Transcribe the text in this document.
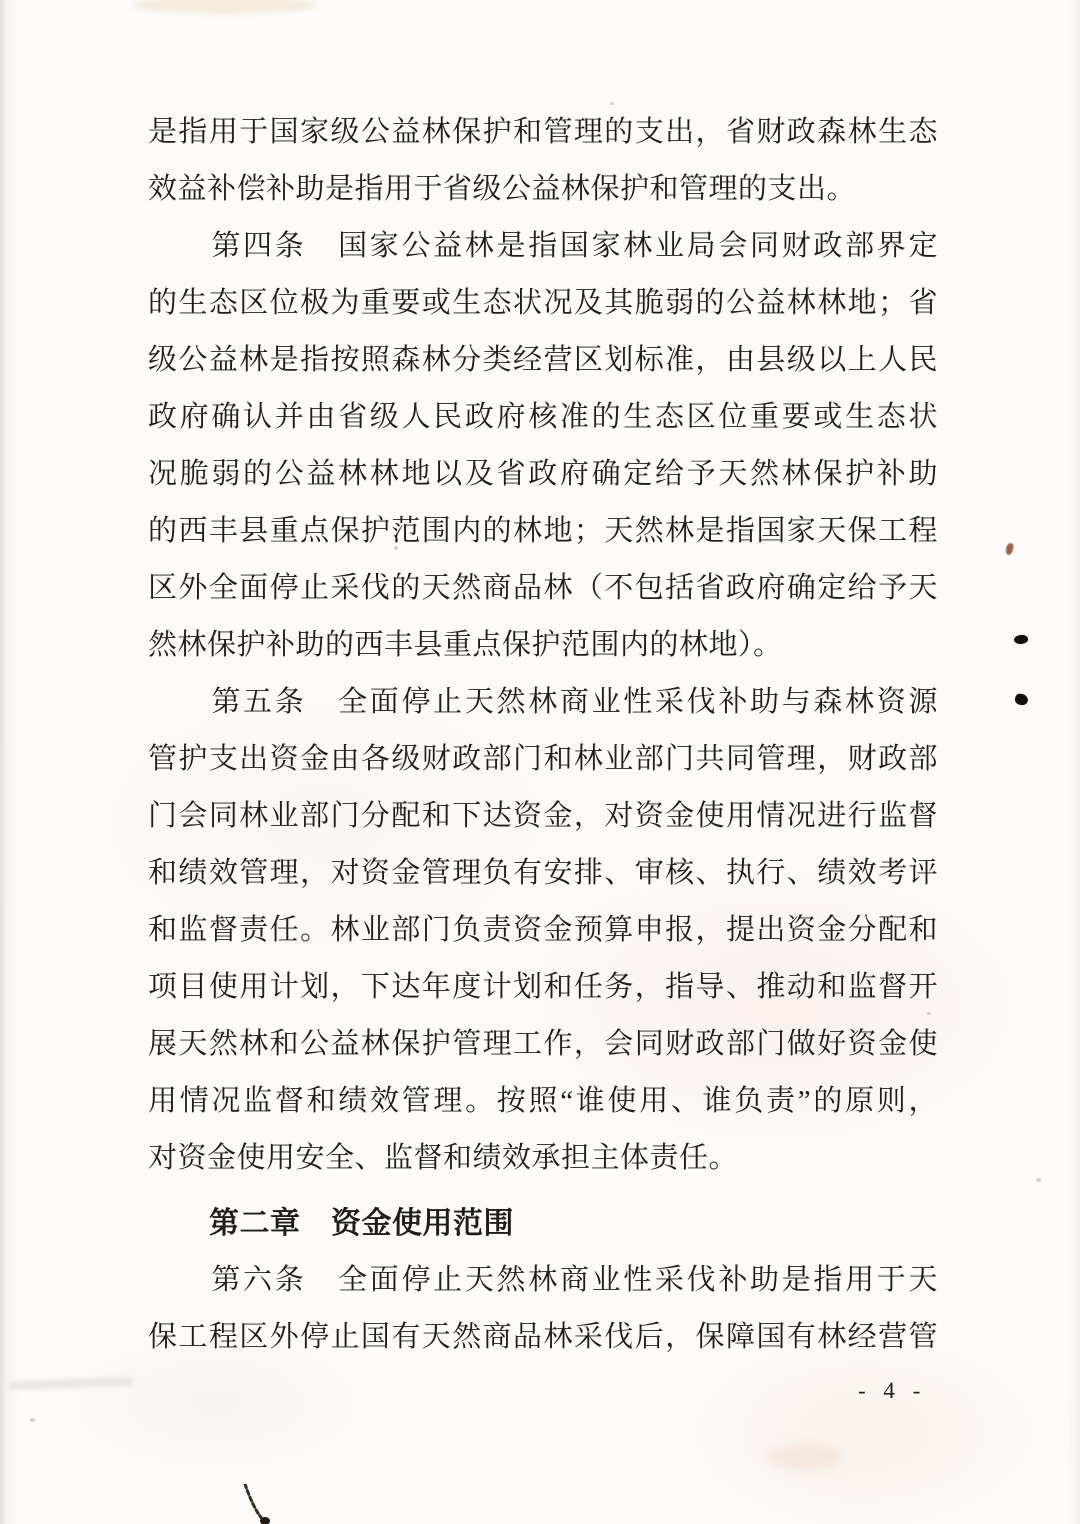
是指用于国家级公益林保护和管理的支出，省财政森林生态
效益补偿补助是指用于省级公益林保护和管理的支出。
　　第四条　国家公益林是指国家林业局会同财政部界定
的生态区位极为重要或生态状况及其脆弱的公益林林地；省
级公益林是指按照森林分类经营区划标准，由县级以上人民
政府确认并由省级人民政府核准的生态区位重要或生态状
况脆弱的公益林林地以及省政府确定给予天然林保护补助
的西丰县重点保护范围内的林地；天然林是指国家天保工程
区外全面停止采伐的天然商品林（不包括省政府确定给予天
然林保护补助的西丰县重点保护范围内的林地）。
　　第五条　全面停止天然林商业性采伐补助与森林资源
管护支出资金由各级财政部门和林业部门共同管理，财政部
门会同林业部门分配和下达资金，对资金使用情况进行监督
和绩效管理，对资金管理负有安排、审核、执行、绩效考评
和监督责任。林业部门负责资金预算申报，提出资金分配和
项目使用计划，下达年度计划和任务，指导、推动和监督开
展天然林和公益林保护管理工作，会同财政部门做好资金使
用情况监督和绩效管理。按照“谁使用、谁负责”的原则，
对资金使用安全、监督和绩效承担主体责任。
　　第二章　资金使用范围
　　第六条　全面停止天然林商业性采伐补助是指用于天
保工程区外停止国有天然商品林采伐后，保障国有林经营管
- 4 -
